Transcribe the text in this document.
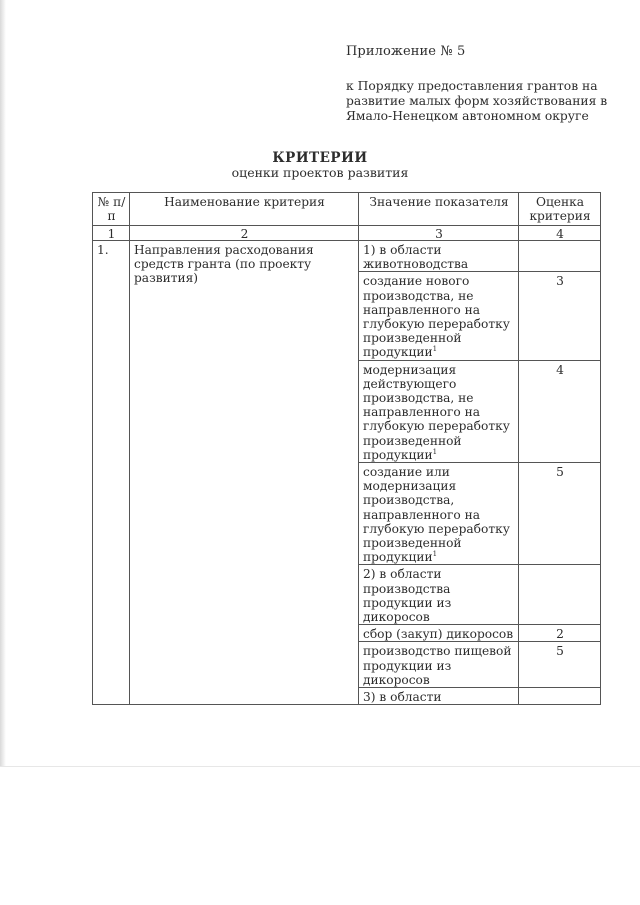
Приложение № 5
к Порядку предоставления грантов на развитие малых форм хозяйствования в Ямало-Ненецком автономном округе
КРИТЕРИИ
оценки проектов развития
№ п/п	Наименование критерия	Значение показателя	Оценка критерия
1	2	3	4
1.	Направления расходования средств гранта (по проекту развития)	1) в области животноводства	
		создание нового производства, не направленного на глубокую переработку произведенной продукции$^1$	3
		модернизация действующего производства, не направленного на глубокую переработку произведенной продукции$^1$	4
		создание или модернизация производства, направленного на глубокую переработку произведенной продукции$^1$	5
		2) в области производства продукции из дикоросов	
		сбор (закуп) дикоросов	2
		производство пищевой продукции из дикоросов	5
		3) в области	
